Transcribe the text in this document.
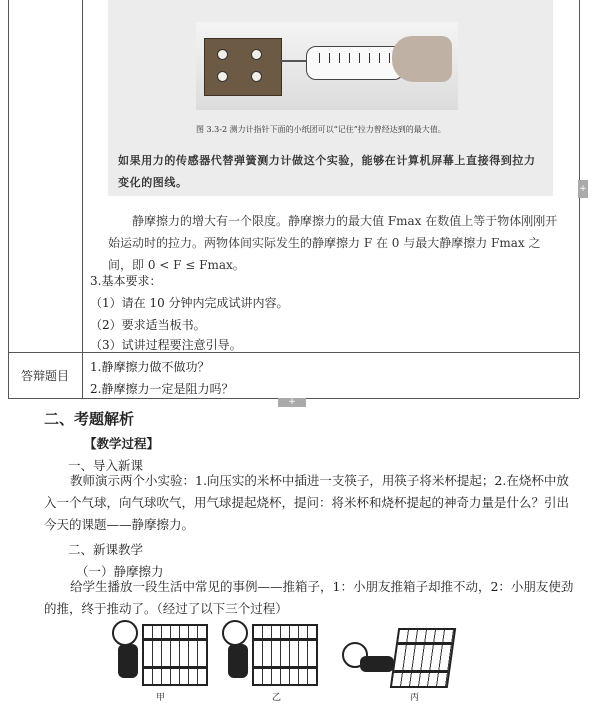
图 3.3-2 测力计指针下面的小纸团可以“记住”拉力曾经达到的最大值。
如果用力的传感器代替弹簧测力计做这个实验，能够在计算机屏幕上直接得到拉力变化的图线。
静摩擦力的增大有一个限度。静摩擦力的最大值 Fmax 在数值上等于物体刚刚开始运动时的拉力。两物体间实际发生的静摩擦力 F 在 0 与最大静摩擦力 Fmax 之间，即 0 < F ≤ Fmax。
3.基本要求：
（1）请在 10 分钟内完成试讲内容。
（2）要求适当板书。
（3）试讲过程要注意引导。
答辩题目
1.静摩擦力做不做功？
2.静摩擦力一定是阻力吗？
+
+
二、考题解析
【教学过程】
一、导入新课
教师演示两个小实验：1.向压实的米杯中插进一支筷子，用筷子将米杯提起；2.在烧杯中放入一个气球，向气球吹气，用气球提起烧杯，提问：将米杯和烧杯提起的神奇力量是什么？引出今天的课题——静摩擦力。
二、新课教学
（一）静摩擦力
给学生播放一段生活中常见的事例——推箱子，1：小朋友推箱子却推不动，2：小朋友使劲的推，终于推动了。（经过了以下三个过程）
甲	乙	丙
